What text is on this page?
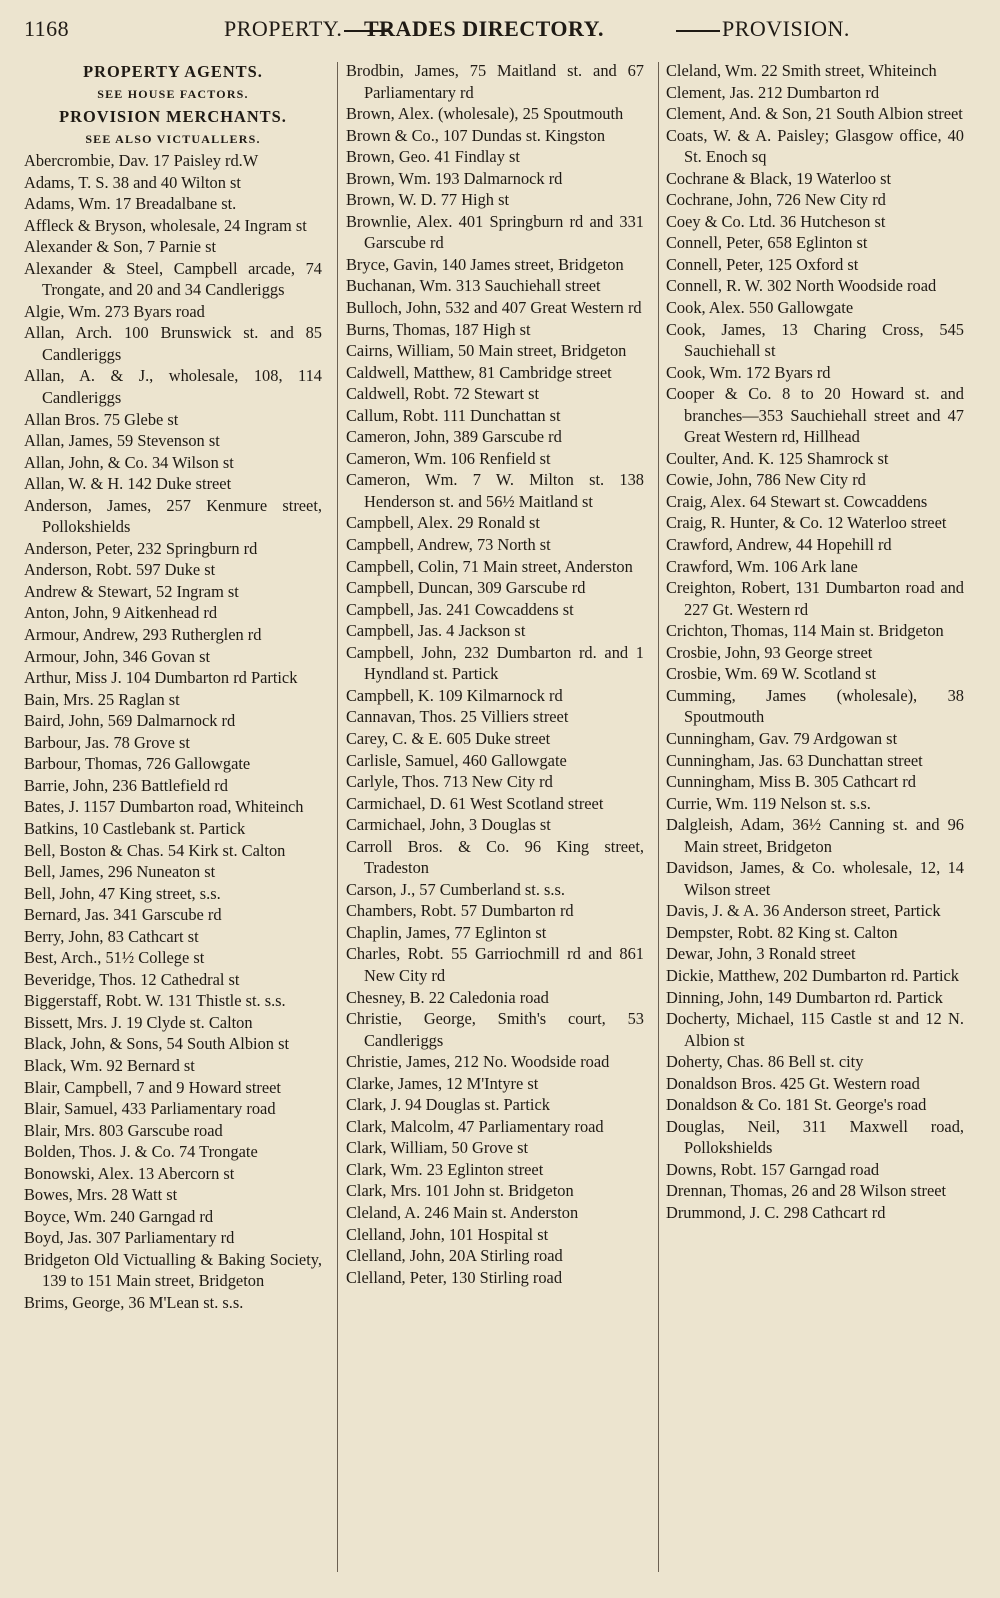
1168	PROPERTY. TRADES DIRECTORY.	PROVISION.
PROPERTY AGENTS.
SEE HOUSE FACTORS.
PROVISION MERCHANTS.
SEE ALSO VICTUALLERS.
Abercrombie, Dav. 17 Paisley rd.W
Adams, T. S. 38 and 40 Wilton st
Adams, Wm. 17 Breadalbane st.
Affleck & Bryson, wholesale, 24 Ingram st
Alexander & Son, 7 Parnie st
Alexander & Steel, Campbell arcade, 74 Trongate, and 20 and 34 Candleriggs
Algie, Wm. 273 Byars road
Allan, Arch. 100 Brunswick st. and 85 Candleriggs
Allan, A. & J., wholesale, 108, 114 Candleriggs
Allan Bros. 75 Glebe st
Allan, James, 59 Stevenson st
Allan, John, & Co. 34 Wilson st
Allan, W. & H. 142 Duke street
Anderson, James, 257 Kenmure street, Pollokshields
Anderson, Peter, 232 Springburn rd
Anderson, Robt. 597 Duke st
Andrew & Stewart, 52 Ingram st
Anton, John, 9 Aitkenhead rd
Armour, Andrew, 293 Rutherglen rd
Armour, John, 346 Govan st
Arthur, Miss J. 104 Dumbarton rd Partick
Bain, Mrs. 25 Raglan st
Baird, John, 569 Dalmarnock rd
Barbour, Jas. 78 Grove st
Barbour, Thomas, 726 Gallowgate
Barrie, John, 236 Battlefield rd
Bates, J. 1157 Dumbarton road, Whiteinch
Batkins, 10 Castlebank st. Partick
Bell, Boston & Chas. 54 Kirk st. Calton
Bell, James, 296 Nuneaton st
Bell, John, 47 King street, s.s.
Bernard, Jas. 341 Garscube rd
Berry, John, 83 Cathcart st
Best, Arch., 51½ College st
Beveridge, Thos. 12 Cathedral st
Biggerstaff, Robt. W. 131 Thistle st. s.s.
Bissett, Mrs. J. 19 Clyde st. Calton
Black, John, & Sons, 54 South Albion st
Black, Wm. 92 Bernard st
Blair, Campbell, 7 and 9 Howard street
Blair, Samuel, 433 Parliamentary road
Blair, Mrs. 803 Garscube road
Bolden, Thos. J. & Co. 74 Trongate
Bonowski, Alex. 13 Abercorn st
Bowes, Mrs. 28 Watt st
Boyce, Wm. 240 Garngad rd
Boyd, Jas. 307 Parliamentary rd
Bridgeton Old Victualling & Baking Society, 139 to 151 Main street, Bridgeton
Brims, George, 36 M'Lean st. s.s.
Brodbin, James, 75 Maitland st. and 67 Parliamentary rd
Brown, Alex. (wholesale), 25 Spoutmouth
Brown & Co., 107 Dundas st. Kingston
Brown, Geo. 41 Findlay st
Brown, Wm. 193 Dalmarnock rd
Brown, W. D. 77 High st
Brownlie, Alex. 401 Springburn rd and 331 Garscube rd
Bryce, Gavin, 140 James street, Bridgeton
Buchanan, Wm. 313 Sauchiehall street
Bulloch, John, 532 and 407 Great Western rd
Burns, Thomas, 187 High st
Cairns, William, 50 Main street, Bridgeton
Caldwell, Matthew, 81 Cambridge street
Caldwell, Robt. 72 Stewart st
Callum, Robt. 111 Dunchattan st
Cameron, John, 389 Garscube rd
Cameron, Wm. 106 Renfield st
Cameron, Wm. 7 W. Milton st. 138 Henderson st. and 56½ Maitland st
Campbell, Alex. 29 Ronald st
Campbell, Andrew, 73 North st
Campbell, Colin, 71 Main street, Anderston
Campbell, Duncan, 309 Garscube rd
Campbell, Jas. 241 Cowcaddens st
Campbell, Jas. 4 Jackson st
Campbell, John, 232 Dumbarton rd. and 1 Hyndland st. Partick
Campbell, K. 109 Kilmarnock rd
Cannavan, Thos. 25 Villiers street
Carey, C. & E. 605 Duke street
Carlisle, Samuel, 460 Gallowgate
Carlyle, Thos. 713 New City rd
Carmichael, D. 61 West Scotland street
Carmichael, John, 3 Douglas st
Carroll Bros. & Co. 96 King street, Tradeston
Carson, J., 57 Cumberland st. s.s.
Chambers, Robt. 57 Dumbarton rd
Chaplin, James, 77 Eglinton st
Charles, Robt. 55 Garriochmill rd and 861 New City rd
Chesney, B. 22 Caledonia road
Christie, George, Smith's court, 53 Candleriggs
Christie, James, 212 No. Woodside road
Clarke, James, 12 M'Intyre st
Clark, J. 94 Douglas st. Partick
Clark, Malcolm, 47 Parliamentary road
Clark, William, 50 Grove st
Clark, Wm. 23 Eglinton street
Clark, Mrs. 101 John st. Bridgeton
Cleland, A. 246 Main st. Anderston
Clelland, John, 101 Hospital st
Clelland, John, 20A Stirling road
Clelland, Peter, 130 Stirling road
Cleland, Wm. 22 Smith street, Whiteinch
Clement, Jas. 212 Dumbarton rd
Clement, And. & Son, 21 South Albion street
Coats, W. & A. Paisley; Glasgow office, 40 St. Enoch sq
Cochrane & Black, 19 Waterloo st
Cochrane, John, 726 New City rd
Coey & Co. Ltd. 36 Hutcheson st
Connell, Peter, 658 Eglinton st
Connell, Peter, 125 Oxford st
Connell, R. W. 302 North Woodside road
Cook, Alex. 550 Gallowgate
Cook, James, 13 Charing Cross, 545 Sauchiehall st
Cook, Wm. 172 Byars rd
Cooper & Co. 8 to 20 Howard st. and branches—353 Sauchiehall street and 47 Great Western rd, Hillhead
Coulter, And. K. 125 Shamrock st
Cowie, John, 786 New City rd
Craig, Alex. 64 Stewart st. Cowcaddens
Craig, R. Hunter, & Co. 12 Waterloo street
Crawford, Andrew, 44 Hopehill rd
Crawford, Wm. 106 Ark lane
Creighton, Robert, 131 Dumbarton road and 227 Gt. Western rd
Crichton, Thomas, 114 Main st. Bridgeton
Crosbie, John, 93 George street
Crosbie, Wm. 69 W. Scotland st
Cumming, James (wholesale), 38 Spoutmouth
Cunningham, Gav. 79 Ardgowan st
Cunningham, Jas. 63 Dunchattan street
Cunningham, Miss B. 305 Cathcart rd
Currie, Wm. 119 Nelson st. s.s.
Dalgleish, Adam, 36½ Canning st. and 96 Main street, Bridgeton
Davidson, James, & Co. wholesale, 12, 14 Wilson street
Davis, J. & A. 36 Anderson street, Partick
Dempster, Robt. 82 King st. Calton
Dewar, John, 3 Ronald street
Dickie, Matthew, 202 Dumbarton rd. Partick
Dinning, John, 149 Dumbarton rd. Partick
Docherty, Michael, 115 Castle st and 12 N. Albion st
Doherty, Chas. 86 Bell st. city
Donaldson Bros. 425 Gt. Western road
Donaldson & Co. 181 St. George's road
Douglas, Neil, 311 Maxwell road, Pollokshields
Downs, Robt. 157 Garngad road
Drennan, Thomas, 26 and 28 Wilson street
Drummond, J. C. 298 Cathcart rd
